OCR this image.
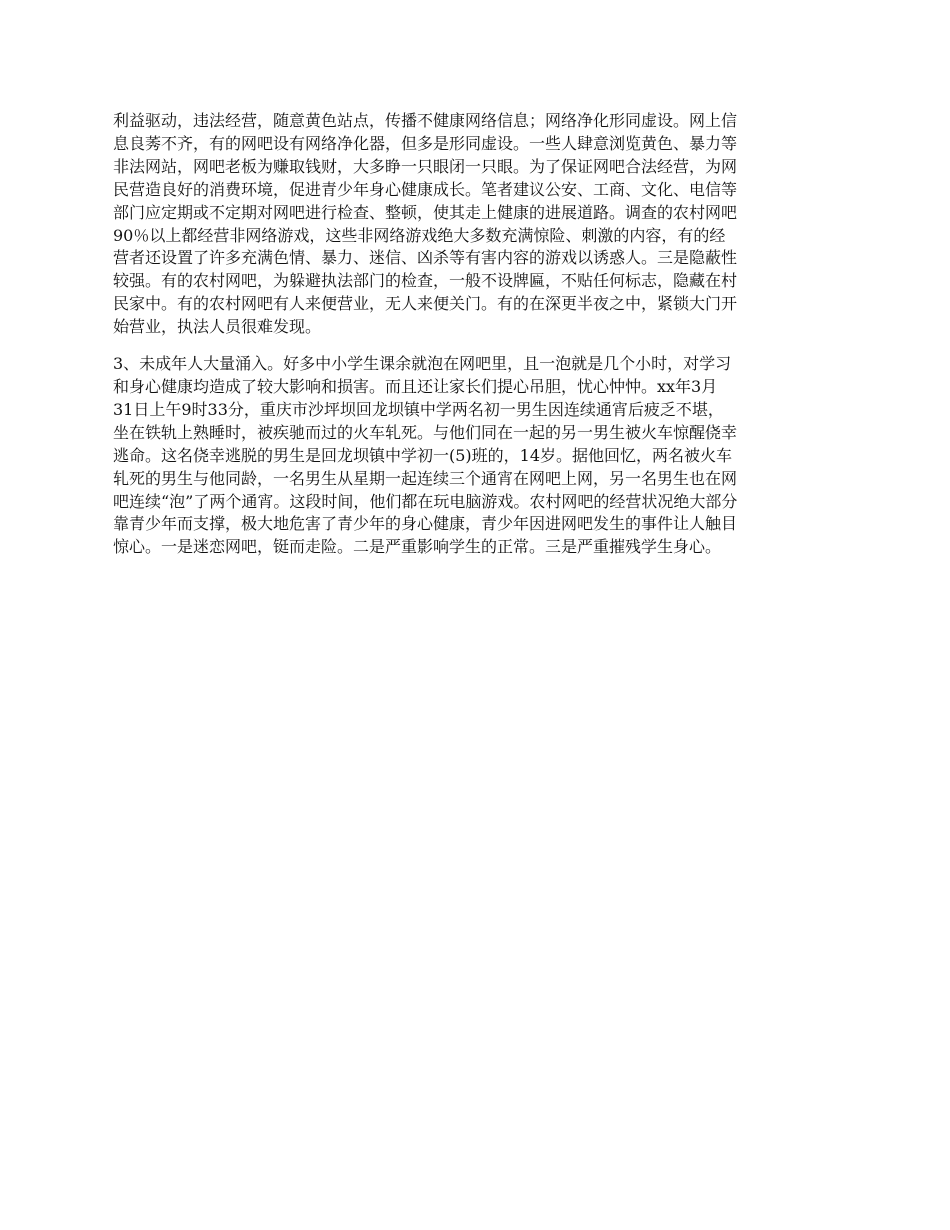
利益驱动，违法经营，随意黄色站点，传播不健康网络信息；网络净化形同虚设。网上信
息良莠不齐，有的网吧设有网络净化器，但多是形同虚设。一些人肆意浏览黄色、暴力等
非法网站，网吧老板为赚取钱财，大多睁一只眼闭一只眼。为了保证网吧合法经营，为网
民营造良好的消费环境，促进青少年身心健康成长。笔者建议公安、工商、文化、电信等
部门应定期或不定期对网吧进行检查、整顿，使其走上健康的进展道路。调查的农村网吧
90％以上都经营非网络游戏，这些非网络游戏绝大多数充满惊险、刺激的内容，有的经
营者还设置了许多充满色情、暴力、迷信、凶杀等有害内容的游戏以诱惑人。三是隐蔽性
较强。有的农村网吧，为躲避执法部门的检查，一般不设牌匾，不贴任何标志，隐藏在村
民家中。有的农村网吧有人来便营业，无人来便关门。有的在深更半夜之中，紧锁大门开
始营业，执法人员很难发现。
3、未成年人大量涌入。好多中小学生课余就泡在网吧里，且一泡就是几个小时，对学习
和身心健康均造成了较大影响和损害。而且还让家长们提心吊胆，忧心忡忡。xx年3月
31日上午9时33分，重庆市沙坪坝回龙坝镇中学两名初一男生因连续通宵后疲乏不堪，
坐在铁轨上熟睡时，被疾驰而过的火车轧死。与他们同在一起的另一男生被火车惊醒侥幸
逃命。这名侥幸逃脱的男生是回龙坝镇中学初一(5)班的，14岁。据他回忆，两名被火车
轧死的男生与他同龄，一名男生从星期一起连续三个通宵在网吧上网，另一名男生也在网
吧连续“泡”了两个通宵。这段时间，他们都在玩电脑游戏。农村网吧的经营状况绝大部分
靠青少年而支撑，极大地危害了青少年的身心健康，青少年因进网吧发生的事件让人触目
惊心。一是迷恋网吧，铤而走险。二是严重影响学生的正常。三是严重摧残学生身心。
